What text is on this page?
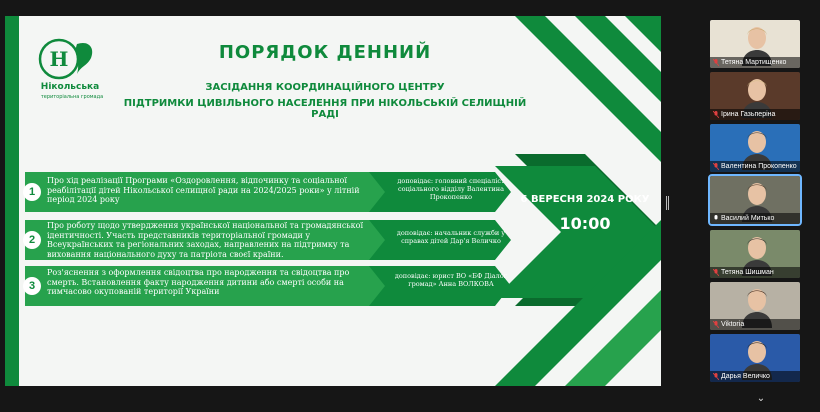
Н
Нікольська
територіальна громада
ПОРЯДОК ДЕННИЙ
ЗАСІДАННЯ КООРДИНАЦІЙНОГО ЦЕНТРУ
ПІДТРИМКИ ЦИВІЛЬНОГО НАСЕЛЕННЯ ПРИ НІКОЛЬСЬКІЙ СЕЛИЩНІЙ РАДІ
1
Про хід реалізації Програми «Оздоровлення, відпочинку та соціальної реабілітації дітей Нікольської селищної ради на 2024/2025 роки» у літній період 2024 року
доповідає: головний спеціаліст соціального відділу Валентина Прокопенко
2
Про роботу щодо утвердження української національної та громадянської ідентичності. Участь представників територіальної громади у Всеукраїнських та регіональних заходах, направлених на підтримку та виховання національного духу та патріота своєї країни.
доповідає: начальник служби у справах дітей Дар'я Величко
3
Роз'яснення з оформлення свідоцтва про народження та свідоцтва про смерть. Встановлення факту народження дитини або смерті особи на тимчасово окупованій території України
доповідає: юрист ВО «БФ Діалог громад» Анна ВОЛКОВА
6 ВЕРЕСНЯ 2024 РОКУ
10:00
Тетяна Мартищенко
Ірина Газьперіна
Валентина Прокопенко
Василий Митько
Тетяна Шишман
Viktoria
Дарья Величко
⌄
